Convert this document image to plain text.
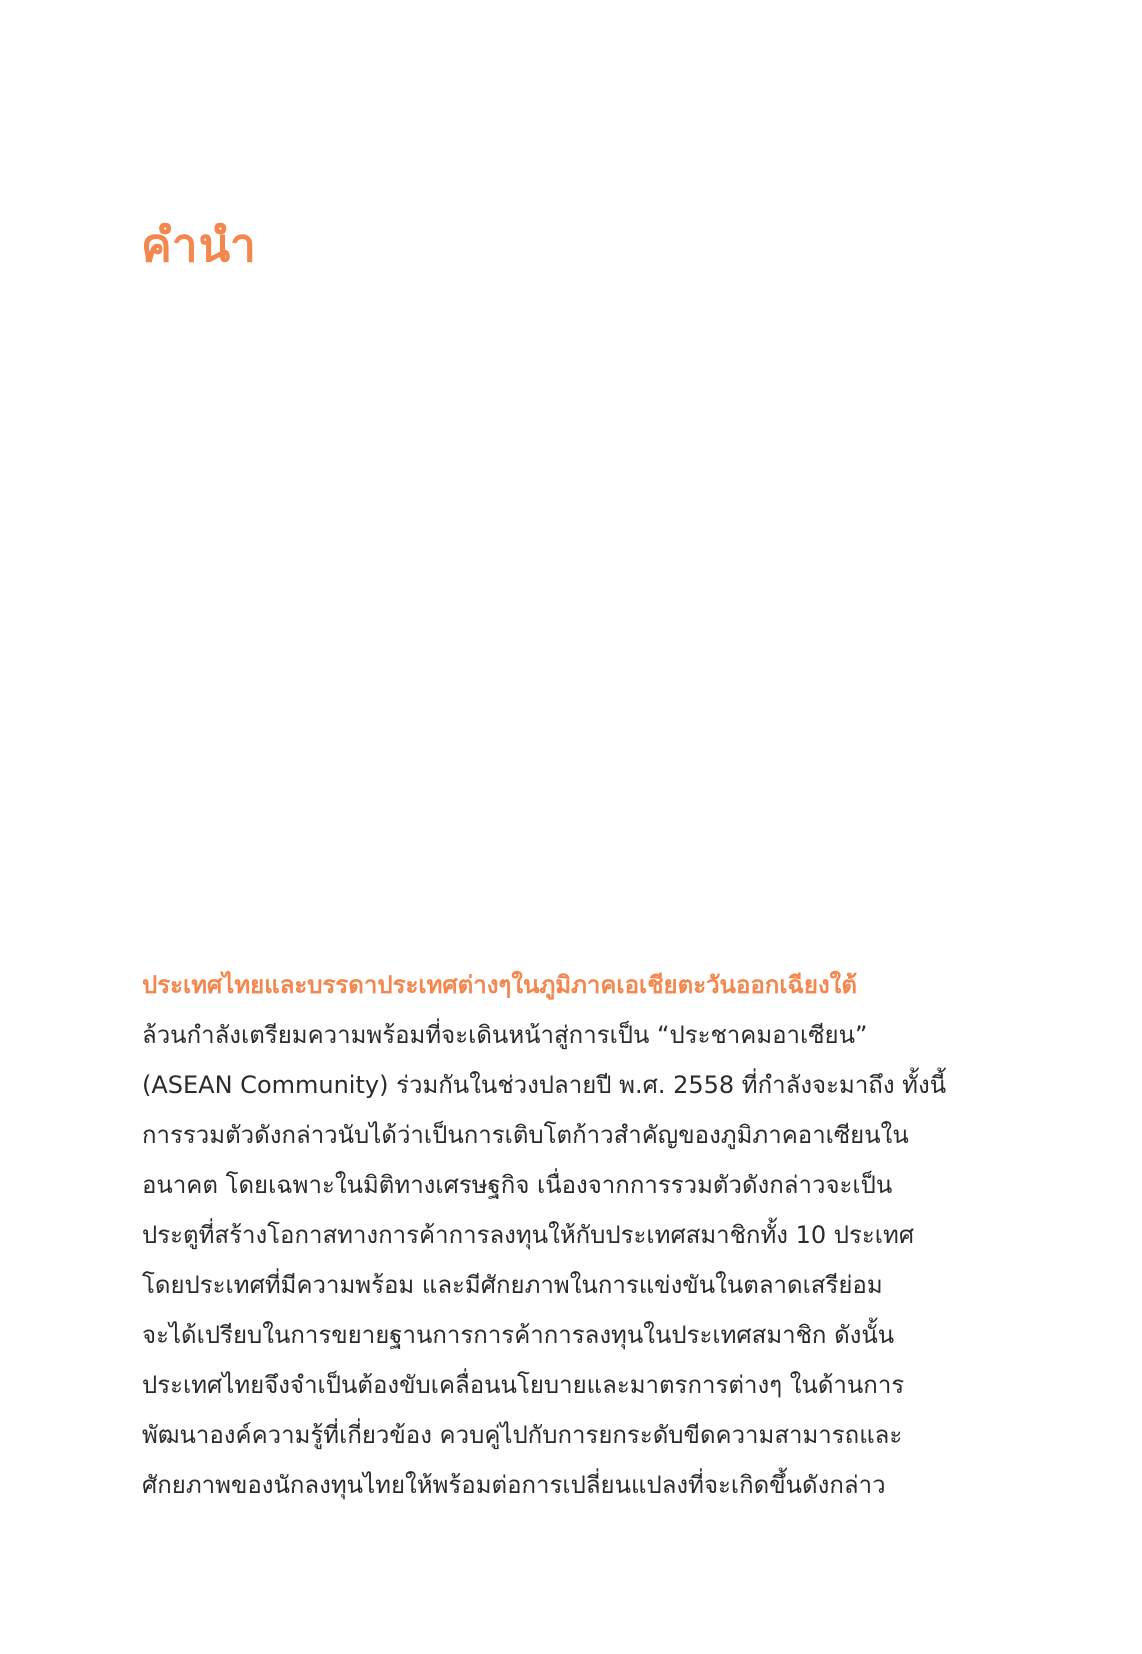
คำนำ
ประเทศไทยและบรรดาประเทศต่างๆในภูมิภาคเอเชียตะวันออกเฉียงใต้
ล้วนกำลังเตรียมความพร้อมที่จะเดินหน้าสู่การเป็น “ประชาคมอาเซียน”
(ASEAN Community) ร่วมกันในช่วงปลายปี พ.ศ. 2558 ที่กำลังจะมาถึง ทั้งนี้
การรวมตัวดังกล่าวนับได้ว่าเป็นการเติบโตก้าวสำคัญของภูมิภาคอาเซียนใน
อนาคต โดยเฉพาะในมิติทางเศรษฐกิจ เนื่องจากการรวมตัวดังกล่าวจะเป็น
ประตูที่สร้างโอกาสทางการค้าการลงทุนให้กับประเทศสมาชิกทั้ง 10 ประเทศ
โดยประเทศที่มีความพร้อม และมีศักยภาพในการแข่งขันในตลาดเสรีย่อม
จะได้เปรียบในการขยายฐานการการค้าการลงทุนในประเทศสมาชิก ดังนั้น
ประเทศไทยจึงจำเป็นต้องขับเคลื่อนนโยบายและมาตรการต่างๆ ในด้านการ
พัฒนาองค์ความรู้ที่เกี่ยวข้อง ควบคู่ไปกับการยกระดับขีดความสามารถและ
ศักยภาพของนักลงทุนไทยให้พร้อมต่อการเปลี่ยนแปลงที่จะเกิดขึ้นดังกล่าว
